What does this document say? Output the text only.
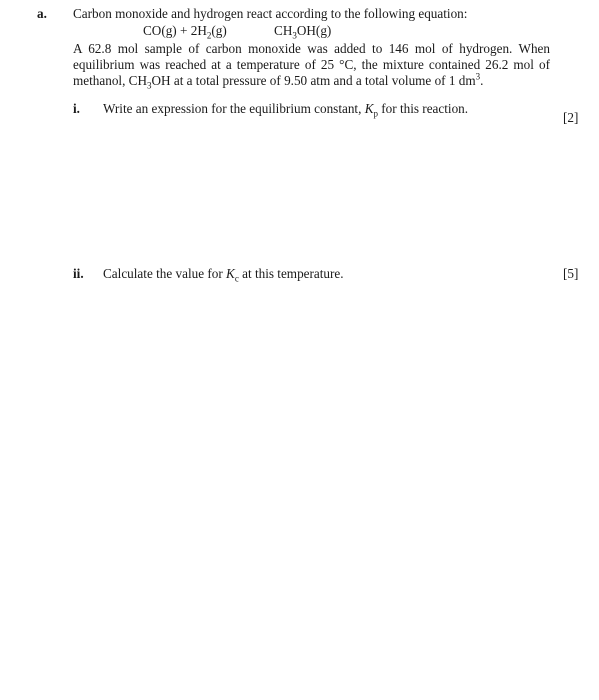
a. Carbon monoxide and hydrogen react according to the following equation:
$CO(g) + 2H_2(g)$	$CH_3OH(g)$
A 62.8 mol sample of carbon monoxide was added to 146 mol of hydrogen. When equilibrium was reached at a temperature of 25 °C, the mixture contained 26.2 mol of methanol, $CH_3OH$ at a total pressure of 9.50 atm and a total volume of 1 $dm^3$.
i. Write an expression for the equilibrium constant, $K_p$ for this reaction.
[2]
ii. Calculate the value for $K_c$ at this temperature.	[5]
